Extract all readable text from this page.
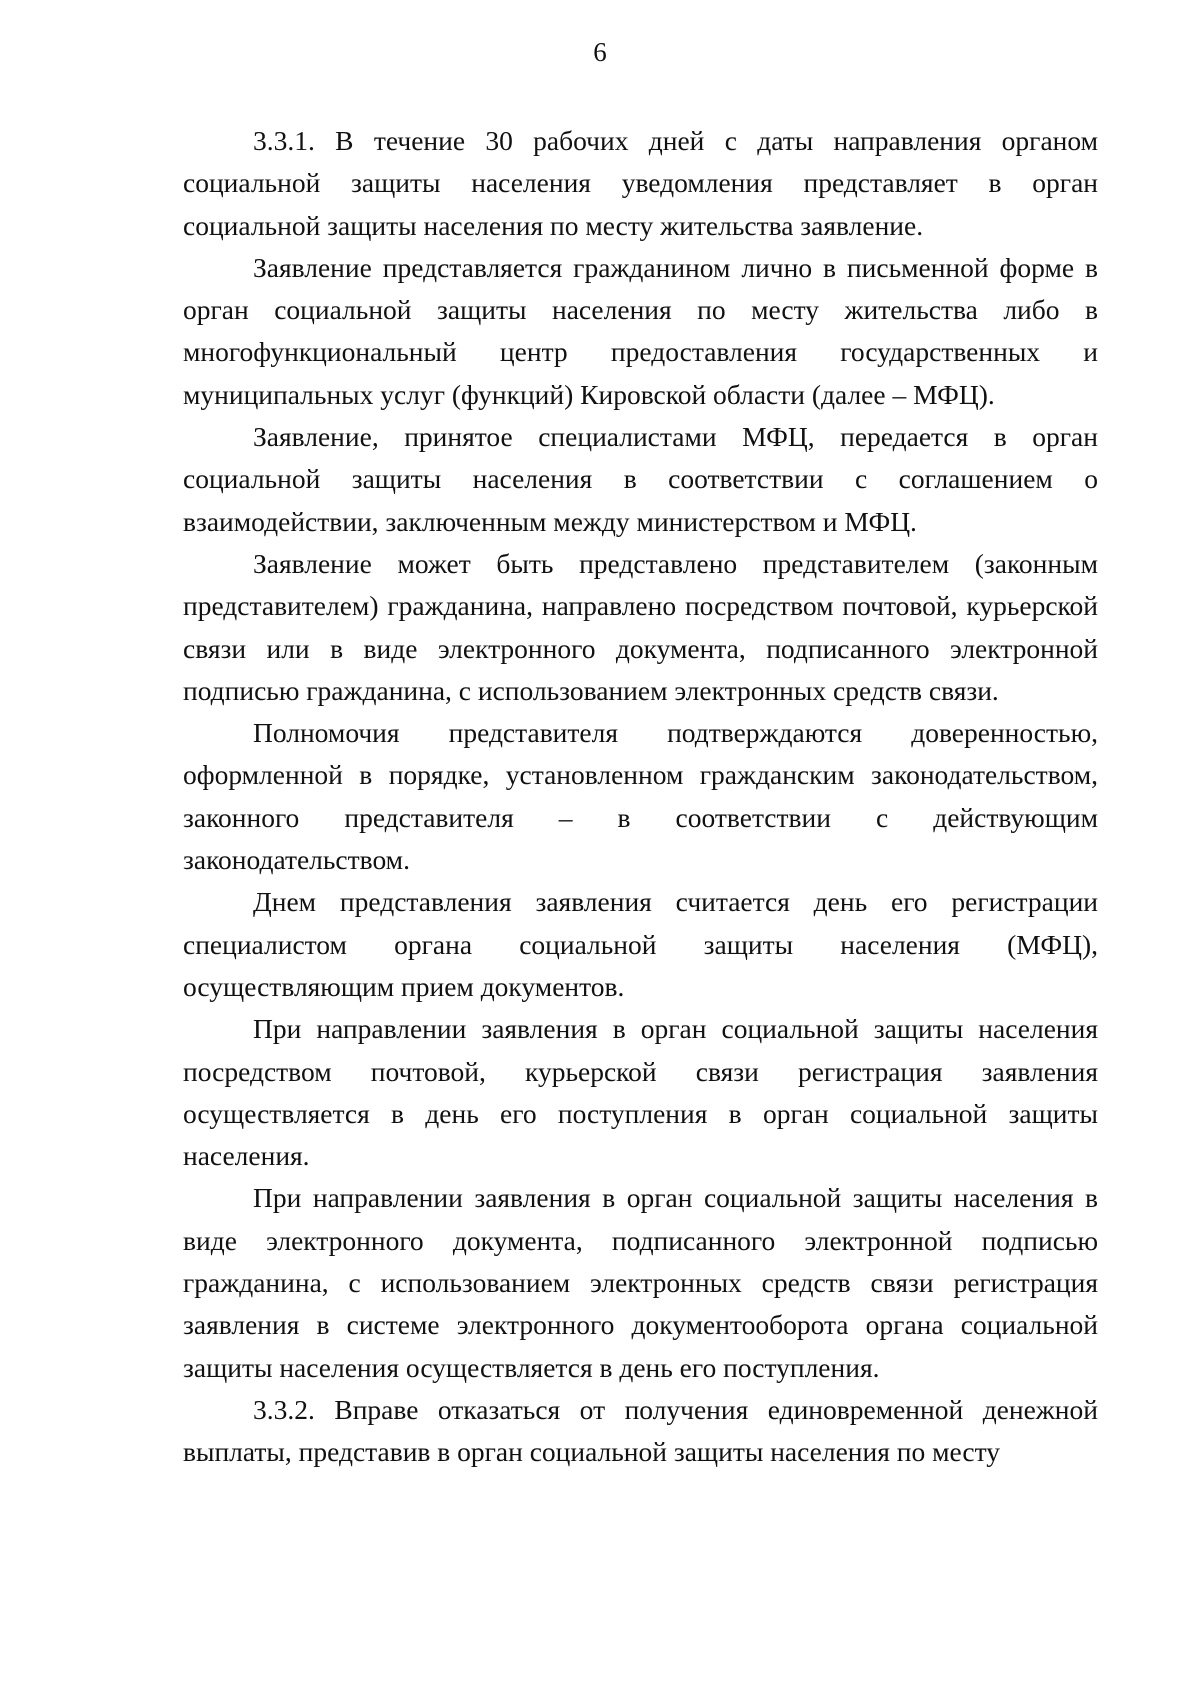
6

3.3.1. В течение 30 рабочих дней с даты направления органом социальной защиты населения уведомления представляет в орган социальной защиты населения по месту жительства заявление.

Заявление представляется гражданином лично в письменной форме в орган социальной защиты населения по месту жительства либо в многофункциональный центр предоставления государственных и муниципальных услуг (функций) Кировской области (далее – МФЦ).

Заявление, принятое специалистами МФЦ, передается в орган социальной защиты населения в соответствии с соглашением о взаимодействии, заключенным между министерством и МФЦ.

Заявление может быть представлено представителем (законным представителем) гражданина, направлено посредством почтовой, курьерской связи или в виде электронного документа, подписанного электронной подписью гражданина, с использованием электронных средств связи.

Полномочия представителя подтверждаются доверенностью, оформленной в порядке, установленном гражданским законодательством, законного представителя – в соответствии с действующим законодательством.

Днем представления заявления считается день его регистрации специалистом органа социальной защиты населения (МФЦ), осуществляющим прием документов.

При направлении заявления в орган социальной защиты населения посредством почтовой, курьерской связи регистрация заявления осуществляется в день его поступления в орган социальной защиты населения.

При направлении заявления в орган социальной защиты населения в виде электронного документа, подписанного электронной подписью гражданина, с использованием электронных средств связи регистрация заявления в системе электронного документооборота органа социальной защиты населения осуществляется в день его поступления.

3.3.2. Вправе отказаться от получения единовременной денежной выплаты, представив в орган социальной защиты населения по месту
